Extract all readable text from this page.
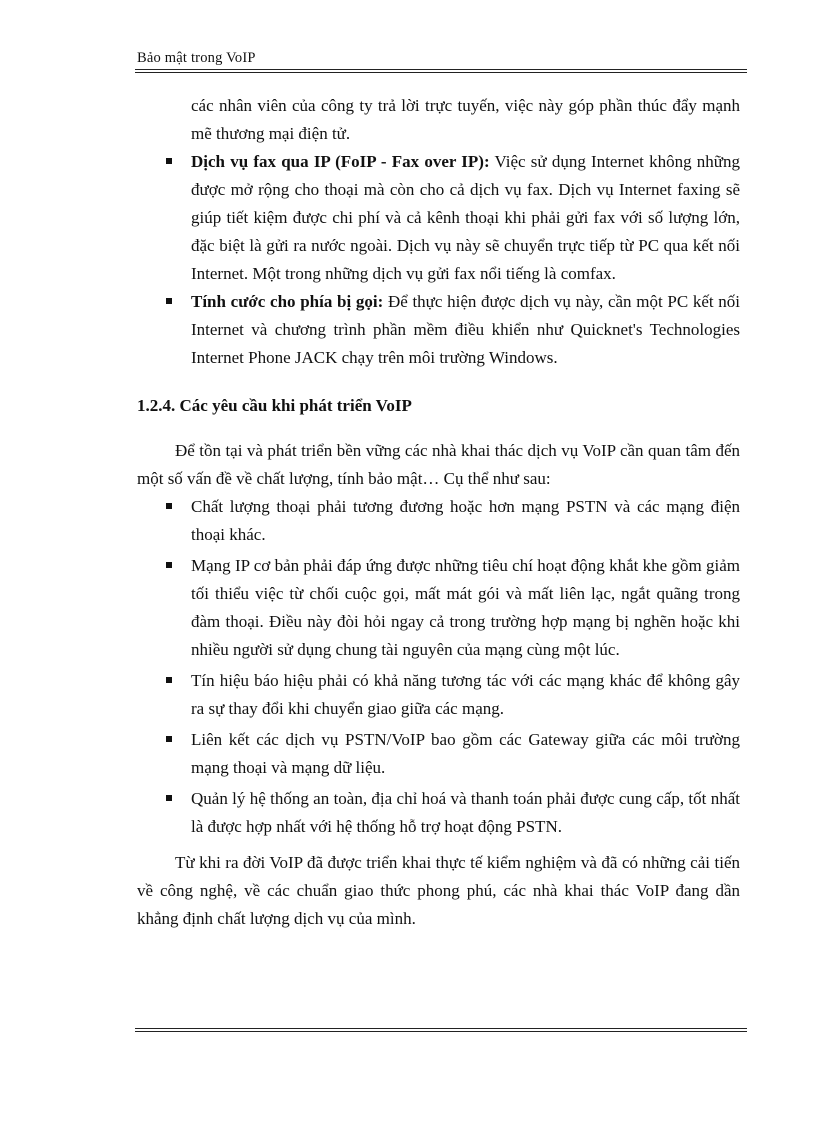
Bảo mật trong VoIP

các nhân viên của công ty trả lời trực tuyến, việc này góp phần thúc đẩy mạnh mẽ thương mại điện tử.

Dịch vụ fax qua IP (FoIP - Fax over IP): Việc sử dụng Internet không những được mở rộng cho thoại mà còn cho cả dịch vụ fax. Dịch vụ Internet faxing sẽ giúp tiết kiệm được chi phí và cả kênh thoại khi phải gửi fax với số lượng lớn, đặc biệt là gửi ra nước ngoài. Dịch vụ này sẽ chuyển trực tiếp từ PC qua kết nối Internet. Một trong những dịch vụ gửi fax nổi tiếng là comfax.
Tính cước cho phía bị gọi: Để thực hiện được dịch vụ này, cần một PC kết nối Internet và chương trình phần mềm điều khiển như Quicknet's Technologies Internet Phone JACK chạy trên môi trường Windows.
1.2.4. Các yêu cầu khi phát triển VoIP

Để tồn tại và phát triển bền vững các nhà khai thác dịch vụ VoIP cần quan tâm đến một số vấn đề về chất lượng, tính bảo mật… Cụ thể như sau:

Chất lượng thoại phải tương đương hoặc hơn mạng PSTN và các mạng điện thoại khác.
Mạng IP cơ bản phải đáp ứng được những tiêu chí hoạt động khắt khe gồm giảm tối thiểu việc từ chối cuộc gọi, mất mát gói và mất liên lạc, ngắt quãng trong đàm thoại. Điều này đòi hỏi ngay cả trong trường hợp mạng bị nghẽn hoặc khi nhiều người sử dụng chung tài nguyên của mạng cùng một lúc.
Tín hiệu báo hiệu phải có khả năng tương tác với các mạng khác để không gây ra sự thay đổi khi chuyển giao giữa các mạng.
Liên kết các dịch vụ PSTN/VoIP bao gồm các Gateway giữa các môi trường mạng thoại và mạng dữ liệu.
Quản lý hệ thống an toàn, địa chỉ hoá và thanh toán phải được cung cấp, tốt nhất là được hợp nhất với hệ thống hỗ trợ hoạt động PSTN.

Từ khi ra đời VoIP đã được triển khai thực tế kiểm nghiệm và đã có những cải tiến về công nghệ, về các chuẩn giao thức phong phú, các nhà khai thác VoIP đang dần khẳng định chất lượng dịch vụ của mình.
